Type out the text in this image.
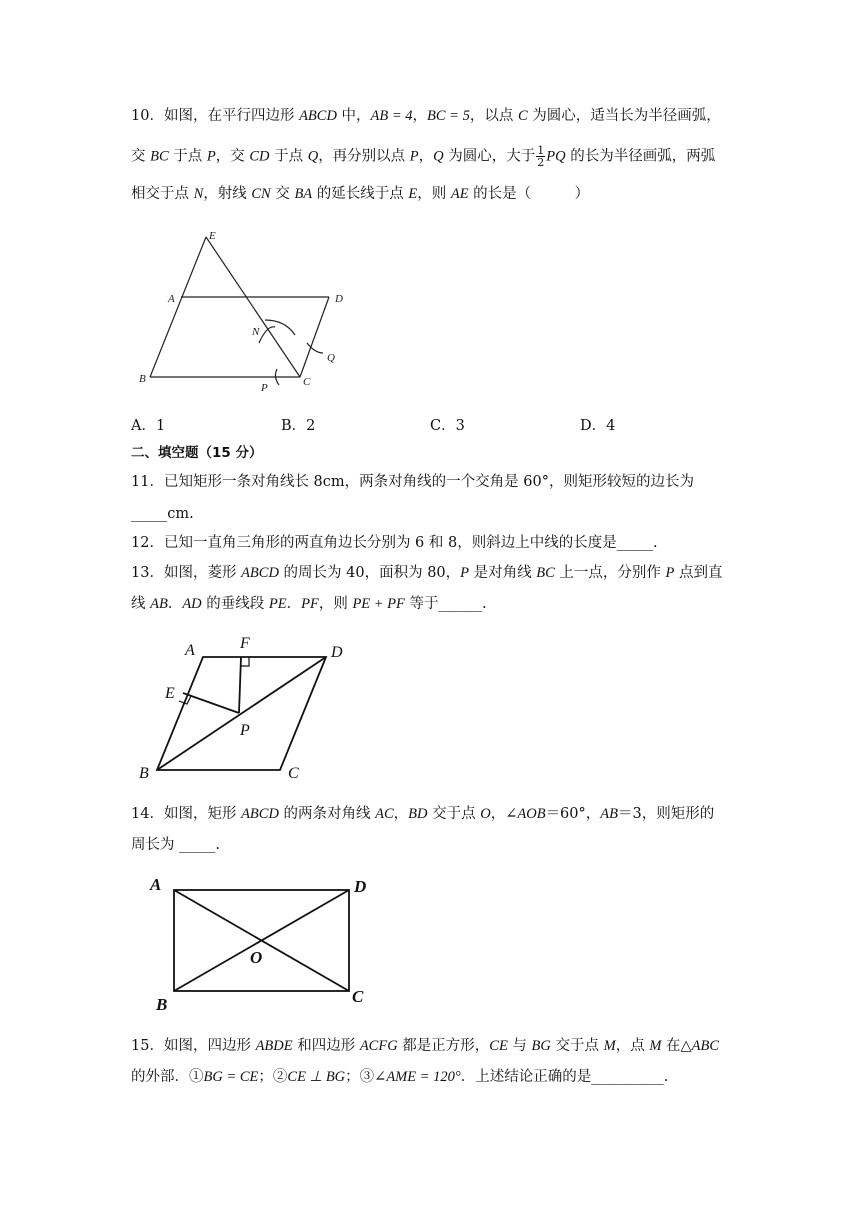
10．如图，在平行四边形 ABCD 中，AB = 4，BC = 5，以点 C 为圆心，适当长为半径画弧，
交 BC 于点 P，交 CD 于点 Q，再分别以点 P，Q 为圆心，大于 $\frac{1}{2}$ PQ 的长为半径画弧，两弧
相交于点 N，射线 CN 交 BA 的延长线于点 E，则 AE 的长是（　　　）
E
A	D
N
Q
B
P	C
A．1	B．2	C．3	D．4
二、填空题（15 分）
11．已知矩形一条对角线长 8cm，两条对角线的一个交角是 60°，则矩形较短的边长为
_____cm.
12．已知一直角三角形的两直角边长分别为 6 和 8，则斜边上中线的长度是_____.
13．如图，菱形 ABCD 的周长为 40，面积为 80，P 是对角线 BC 上一点，分别作 P 点到直
线 AB．AD 的垂线段 PE．PF，则 PE + PF 等于______.
A	F
D
E
P
B	C
14．如图，矩形 ABCD 的两条对角线 AC，BD 交于点 O，∠AOB＝60°，AB＝3，则矩形的
周长为 _____.
A	D
O
B	C
15．如图，四边形 ABDE 和四边形 ACFG 都是正方形，CE 与 BG 交于点 M，点 M 在△ABC
的外部．①BG = CE；②CE ⊥ BG；③∠AME = 120°．上述结论正确的是__________.
